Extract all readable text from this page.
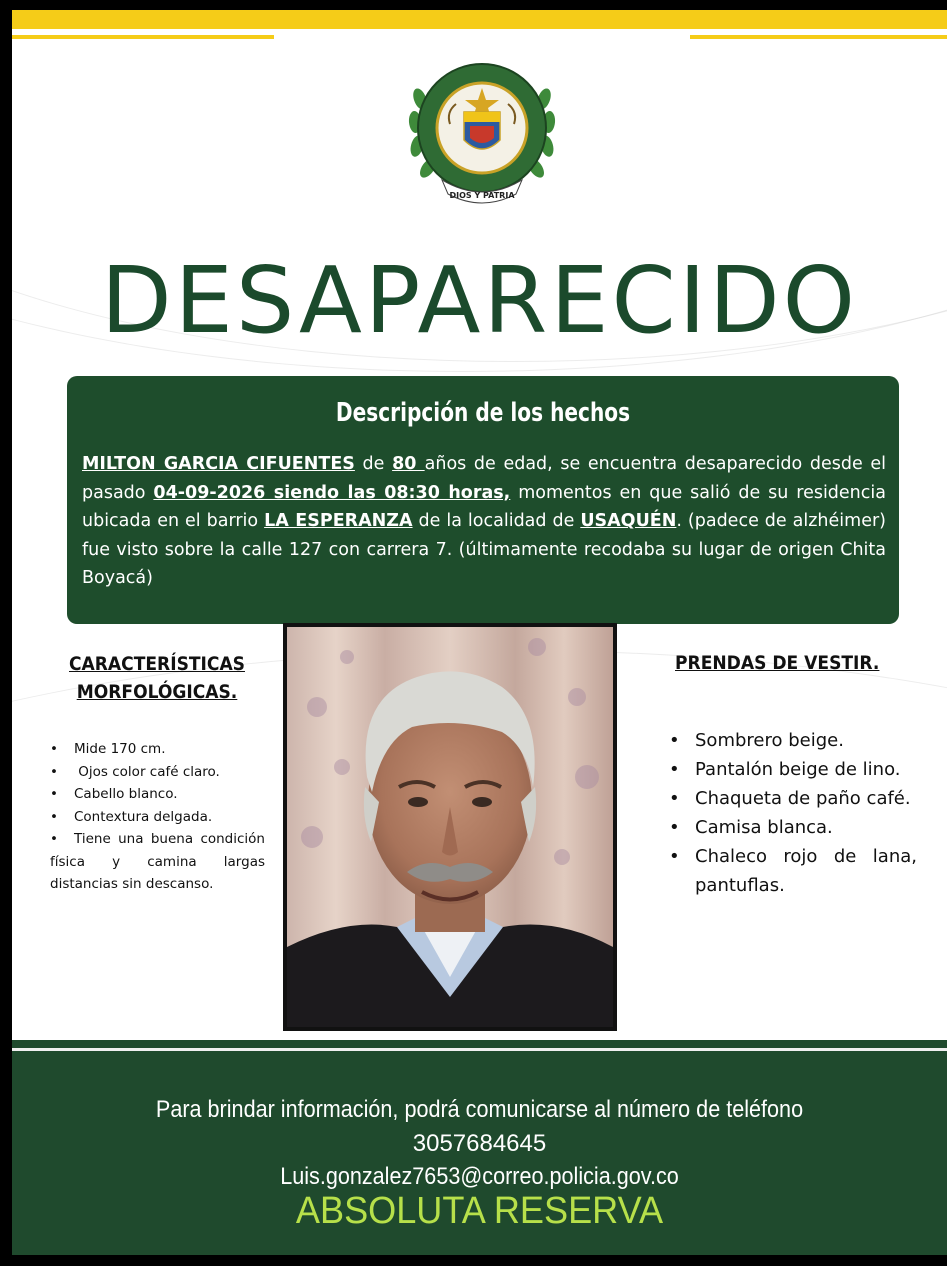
DIOS Y PATRIA
DESAPARECIDO
Descripción de los hechos
MILTON GARCIA CIFUENTES de 80 años de edad, se encuentra desaparecido desde el pasado 04-09-2026 siendo las 08:30 horas, momentos en que salió de su residencia ubicada en el barrio LA ESPERANZA de la localidad de USAQUÉN. (padece de alzhéimer) fue visto sobre la calle 127 con carrera 7. (últimamente recodaba su lugar de origen Chita Boyacá)
CARACTERÍSTICAS
MORFOLÓGICAS.
• Mide 170 cm.
• Ojos color café claro.
• Cabello blanco.
• Contextura delgada.
• Tiene una buena condición física y camina largas distancias sin descanso.
PRENDAS DE VESTIR.
• Sombrero beige.
• Pantalón beige de lino.
• Chaqueta de paño café.
• Camisa blanca.
• Chaleco rojo de lana, pantuflas.
Para brindar información, podrá comunicarse al número de teléfono
3057684645
Luis.gonzalez7653@correo.policia.gov.co
ABSOLUTA RESERVA
